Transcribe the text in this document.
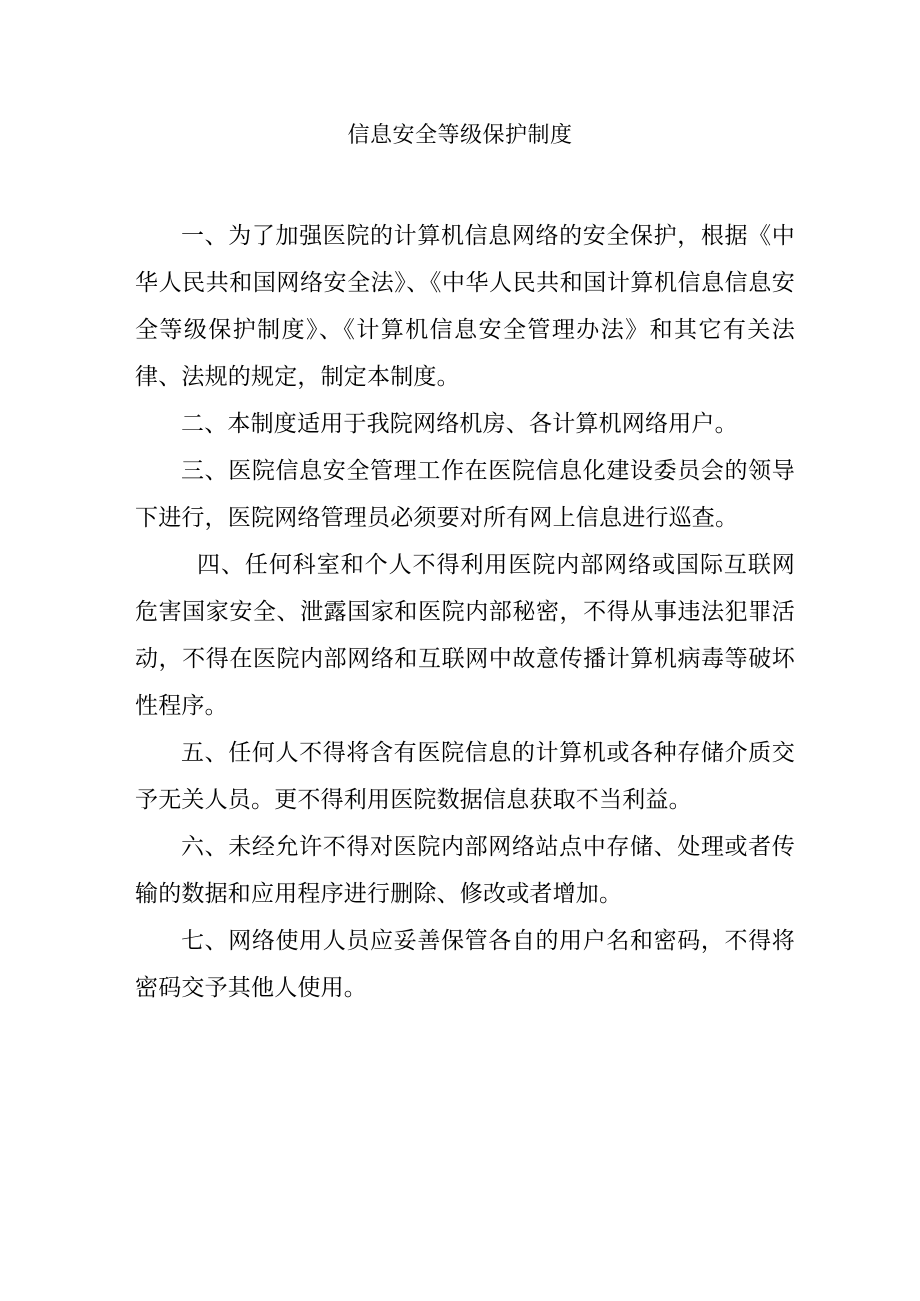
信息安全等级保护制度

一、为了加强医院的计算机信息网络的安全保护，根据《中华人民共和国网络安全法》、《中华人民共和国计算机信息信息安全等级保护制度》、《计算机信息安全管理办法》和其它有关法律、法规的规定，制定本制度。

二、本制度适用于我院网络机房、各计算机网络用户。

三、医院信息安全管理工作在医院信息化建设委员会的领导下进行，医院网络管理员必须要对所有网上信息进行巡查。

四、任何科室和个人不得利用医院内部网络或国际互联网危害国家安全、泄露国家和医院内部秘密，不得从事违法犯罪活动，不得在医院内部网络和互联网中故意传播计算机病毒等破坏性程序。

五、任何人不得将含有医院信息的计算机或各种存储介质交予无关人员。更不得利用医院数据信息获取不当利益。

六、未经允许不得对医院内部网络站点中存储、处理或者传输的数据和应用程序进行删除、修改或者增加。

七、网络使用人员应妥善保管各自的用户名和密码，不得将密码交予其他人使用。
